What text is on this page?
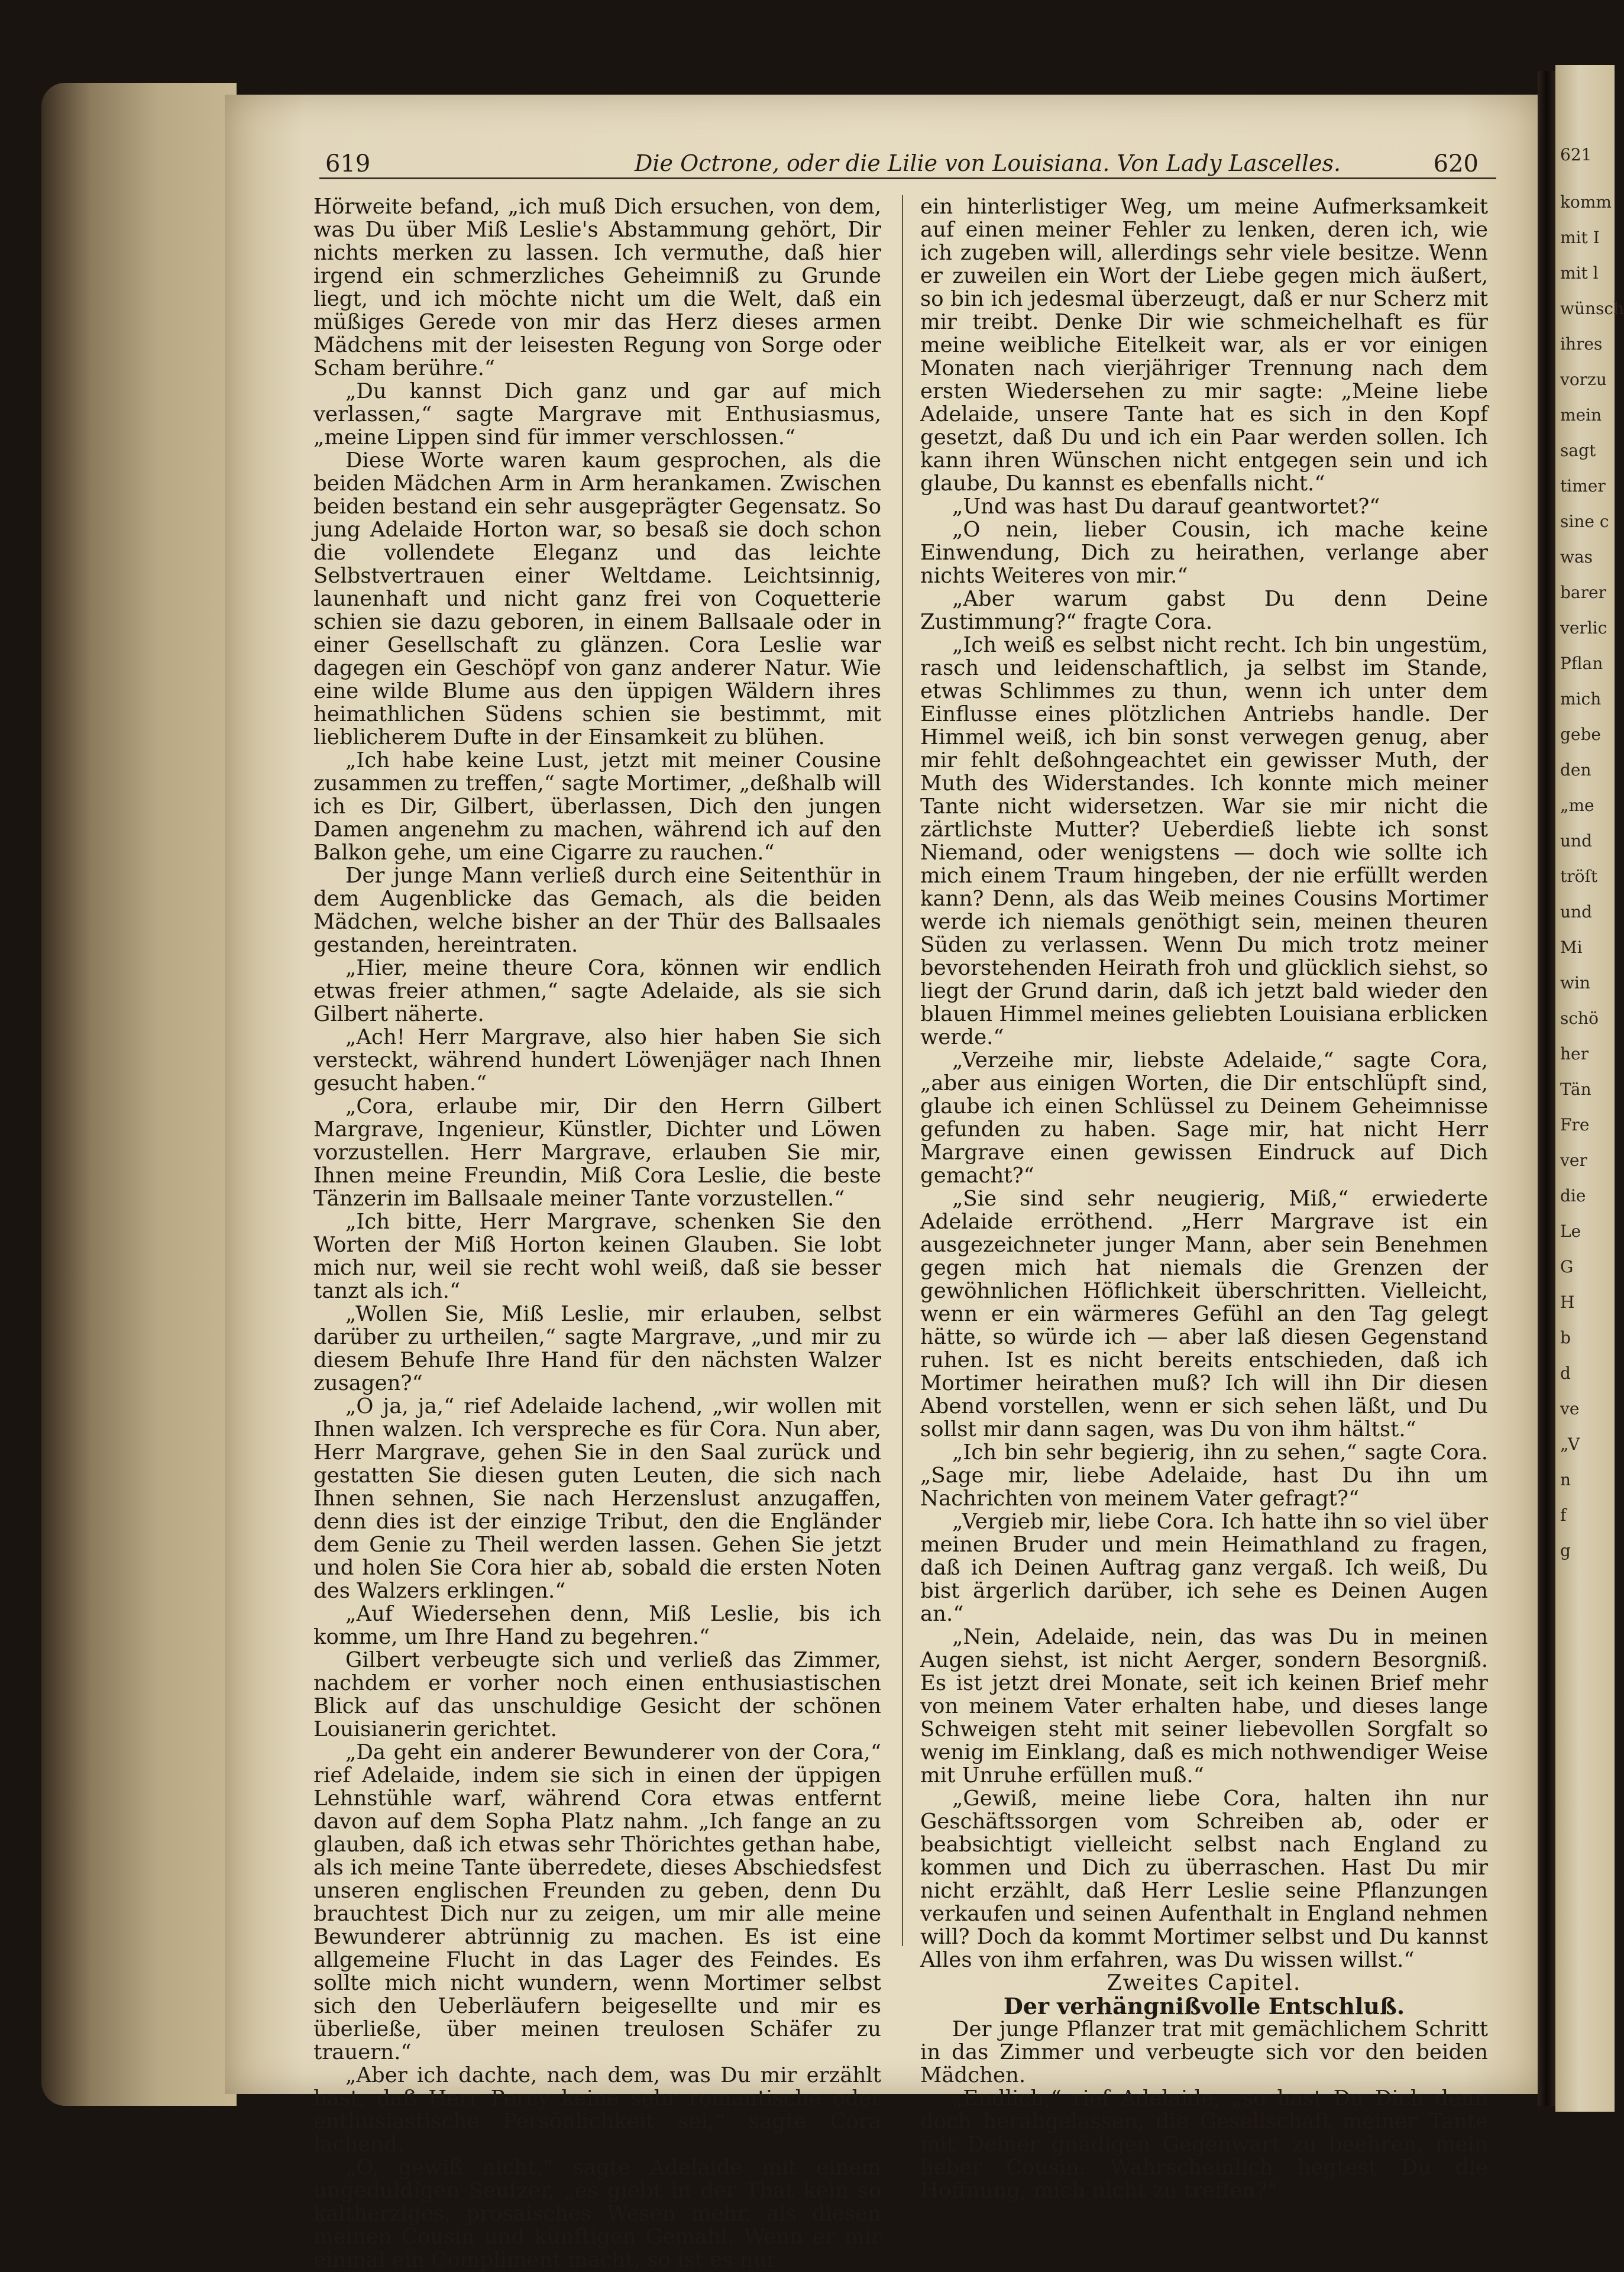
621
komm
mit I
mit l
wünsch
ihres
vorzu
mein
sagt
timer
sine c
was
barer
verlic
Pflan
mich
gebe
den
„me
und
tröſt
und
Mi
win
schö
her
Tän
Fre
ver
die
Le
G
H
b
d
ve
„V
n
f
g
619	Die Octrone, oder die Lilie von Louisiana. Von Lady Lascelles.	620

Hörweite befand, „ich muß Dich ersuchen, von dem, was Du über Miß Leslie's Abstammung gehört, Dir nichts merken zu lassen. Ich vermuthe, daß hier irgend ein schmerzliches Geheimniß zu Grunde liegt, und ich möchte nicht um die Welt, daß ein müßiges Gerede von mir das Herz dieses armen Mädchens mit der leisesten Regung von Sorge oder Scham berühre.“

„Du kannst Dich ganz und gar auf mich verlassen,“ sagte Margrave mit Enthusiasmus, „meine Lippen sind für immer verschlossen.“

Diese Worte waren kaum gesprochen, als die beiden Mädchen Arm in Arm herankamen. Zwischen beiden bestand ein sehr ausgeprägter Gegensatz. So jung Adelaide Horton war, so besaß sie doch schon die vollendete Eleganz und das leichte Selbstvertrauen einer Weltdame. Leichtsinnig, launenhaft und nicht ganz frei von Coquetterie schien sie dazu geboren, in einem Ballsaale oder in einer Gesellschaft zu glänzen. Cora Leslie war dagegen ein Geschöpf von ganz anderer Natur. Wie eine wilde Blume aus den üppigen Wäldern ihres heimathlichen Südens schien sie bestimmt, mit lieblicherem Dufte in der Einsamkeit zu blühen.

„Ich habe keine Lust, jetzt mit meiner Cousine zusammen zu treffen,“ sagte Mortimer, „deßhalb will ich es Dir, Gilbert, überlassen, Dich den jungen Damen angenehm zu machen, während ich auf den Balkon gehe, um eine Cigarre zu rauchen.“

Der junge Mann verließ durch eine Seitenthür in dem Augenblicke das Gemach, als die beiden Mädchen, welche bisher an der Thür des Ballsaales gestanden, hereintraten.

„Hier, meine theure Cora, können wir endlich etwas freier athmen,“ sagte Adelaide, als sie sich Gilbert näherte.

„Ach! Herr Margrave, also hier haben Sie sich versteckt, während hundert Löwenjäger nach Ihnen gesucht haben.“

„Cora, erlaube mir, Dir den Herrn Gilbert Margrave, Ingenieur, Künstler, Dichter und Löwen vorzustellen. Herr Margrave, erlauben Sie mir, Ihnen meine Freundin, Miß Cora Leslie, die beste Tänzerin im Ballsaale meiner Tante vorzustellen.“

„Ich bitte, Herr Margrave, schenken Sie den Worten der Miß Horton keinen Glauben. Sie lobt mich nur, weil sie recht wohl weiß, daß sie besser tanzt als ich.“

„Wollen Sie, Miß Leslie, mir erlauben, selbst darüber zu urtheilen,“ sagte Margrave, „und mir zu diesem Behufe Ihre Hand für den nächsten Walzer zusagen?“

„O ja, ja,“ rief Adelaide lachend, „wir wollen mit Ihnen walzen. Ich verspreche es für Cora. Nun aber, Herr Margrave, gehen Sie in den Saal zurück und gestatten Sie diesen guten Leuten, die sich nach Ihnen sehnen, Sie nach Herzenslust anzugaffen, denn dies ist der einzige Tribut, den die Engländer dem Genie zu Theil werden lassen. Gehen Sie jetzt und holen Sie Cora hier ab, sobald die ersten Noten des Walzers erklingen.“

„Auf Wiedersehen denn, Miß Leslie, bis ich komme, um Ihre Hand zu begehren.“

Gilbert verbeugte sich und verließ das Zimmer, nachdem er vorher noch einen enthusiastischen Blick auf das unschuldige Gesicht der schönen Louisianerin gerichtet.

„Da geht ein anderer Bewunderer von der Cora,“ rief Adelaide, indem sie sich in einen der üppigen Lehnstühle warf, während Cora etwas entfernt davon auf dem Sopha Platz nahm. „Ich fange an zu glauben, daß ich etwas sehr Thörichtes gethan habe, als ich meine Tante überredete, dieses Abschiedsfest unseren englischen Freunden zu geben, denn Du brauchtest Dich nur zu zeigen, um mir alle meine Bewunderer abtrünnig zu machen. Es ist eine allgemeine Flucht in das Lager des Feindes. Es sollte mich nicht wundern, wenn Mortimer selbst sich den Ueberläufern beigesellte und mir es überließe, über meinen treulosen Schäfer zu trauern.“

„Aber ich dachte, nach dem, was Du mir erzählt hast, daß Herr Percy keine sehr romantische oder enthusiastische Persönlichkeit sei,“ sagte Cora lachend.

„O, gewiß nicht,“ sagte Adelaide mit einem ungeduldigen Seufzer, „es giebt in der That kein so kaltherziges, prosaisches Wesen mehr, als diesen meinen Cousin und künftigen Gemahl. Wenn er mir einmal ein Compliment macht, so ist es nur

ein hinterlistiger Weg, um meine Aufmerksamkeit auf einen meiner Fehler zu lenken, deren ich, wie ich zugeben will, allerdings sehr viele besitze. Wenn er zuweilen ein Wort der Liebe gegen mich äußert, so bin ich jedesmal überzeugt, daß er nur Scherz mit mir treibt. Denke Dir wie schmeichelhaft es für meine weibliche Eitelkeit war, als er vor einigen Monaten nach vierjähriger Trennung nach dem ersten Wiedersehen zu mir sagte: „Meine liebe Adelaide, unsere Tante hat es sich in den Kopf gesetzt, daß Du und ich ein Paar werden sollen. Ich kann ihren Wünschen nicht entgegen sein und ich glaube, Du kannst es ebenfalls nicht.“

„Und was hast Du darauf geantwortet?“

„O nein, lieber Cousin, ich mache keine Einwendung, Dich zu heirathen, verlange aber nichts Weiteres von mir.“

„Aber warum gabst Du denn Deine Zustimmung?“ fragte Cora.

„Ich weiß es selbst nicht recht. Ich bin ungestüm, rasch und leidenschaftlich, ja selbst im Stande, etwas Schlimmes zu thun, wenn ich unter dem Einflusse eines plötzlichen Antriebs handle. Der Himmel weiß, ich bin sonst verwegen genug, aber mir fehlt deßohngeachtet ein gewisser Muth, der Muth des Widerstandes. Ich konnte mich meiner Tante nicht widersetzen. War sie mir nicht die zärtlichste Mutter? Ueberdieß liebte ich sonst Niemand, oder wenigstens — doch wie sollte ich mich einem Traum hingeben, der nie erfüllt werden kann? Denn, als das Weib meines Cousins Mortimer werde ich niemals genöthigt sein, meinen theuren Süden zu verlassen. Wenn Du mich trotz meiner bevorstehenden Heirath froh und glücklich siehst, so liegt der Grund darin, daß ich jetzt bald wieder den blauen Himmel meines geliebten Louisiana erblicken werde.“

„Verzeihe mir, liebste Adelaide,“ sagte Cora, „aber aus einigen Worten, die Dir entschlüpft sind, glaube ich einen Schlüssel zu Deinem Geheimnisse gefunden zu haben. Sage mir, hat nicht Herr Margrave einen gewissen Eindruck auf Dich gemacht?“

„Sie sind sehr neugierig, Miß,“ erwiederte Adelaide erröthend. „Herr Margrave ist ein ausgezeichneter junger Mann, aber sein Benehmen gegen mich hat niemals die Grenzen der gewöhnlichen Höflichkeit überschritten. Vielleicht, wenn er ein wärmeres Gefühl an den Tag gelegt hätte, so würde ich — aber laß diesen Gegenstand ruhen. Ist es nicht bereits entschieden, daß ich Mortimer heirathen muß? Ich will ihn Dir diesen Abend vorstellen, wenn er sich sehen läßt, und Du sollst mir dann sagen, was Du von ihm hältst.“

„Ich bin sehr begierig, ihn zu sehen,“ sagte Cora. „Sage mir, liebe Adelaide, hast Du ihn um Nachrichten von meinem Vater gefragt?“

„Vergieb mir, liebe Cora. Ich hatte ihn so viel über meinen Bruder und mein Heimathland zu fragen, daß ich Deinen Auftrag ganz vergaß. Ich weiß, Du bist ärgerlich darüber, ich sehe es Deinen Augen an.“

„Nein, Adelaide, nein, das was Du in meinen Augen siehst, ist nicht Aerger, sondern Besorgniß. Es ist jetzt drei Monate, seit ich keinen Brief mehr von meinem Vater erhalten habe, und dieses lange Schweigen steht mit seiner liebevollen Sorgfalt so wenig im Einklang, daß es mich nothwendiger Weise mit Unruhe erfüllen muß.“

„Gewiß, meine liebe Cora, halten ihn nur Geschäftssorgen vom Schreiben ab, oder er beabsichtigt vielleicht selbst nach England zu kommen und Dich zu überraschen. Hast Du mir nicht erzählt, daß Herr Leslie seine Pflanzungen verkaufen und seinen Aufenthalt in England nehmen will? Doch da kommt Mortimer selbst und Du kannst Alles von ihm erfahren, was Du wissen willst.“

Zweites Capitel.

Der verhängnißvolle Entschluß.

Der junge Pflanzer trat mit gemächlichem Schritt in das Zimmer und verbeugte sich vor den beiden Mädchen.

„Endlich,“ rief Adelaide, „so hast Du Dich denn doch herabgelassen, die Gesellschaft meiner Tante mit Deiner gnädigen Gegenwart zu beehren, mein lieber Cousin. Wahrscheinlich hegtest Du die Hoffnung, mich nicht zu treffen?“
